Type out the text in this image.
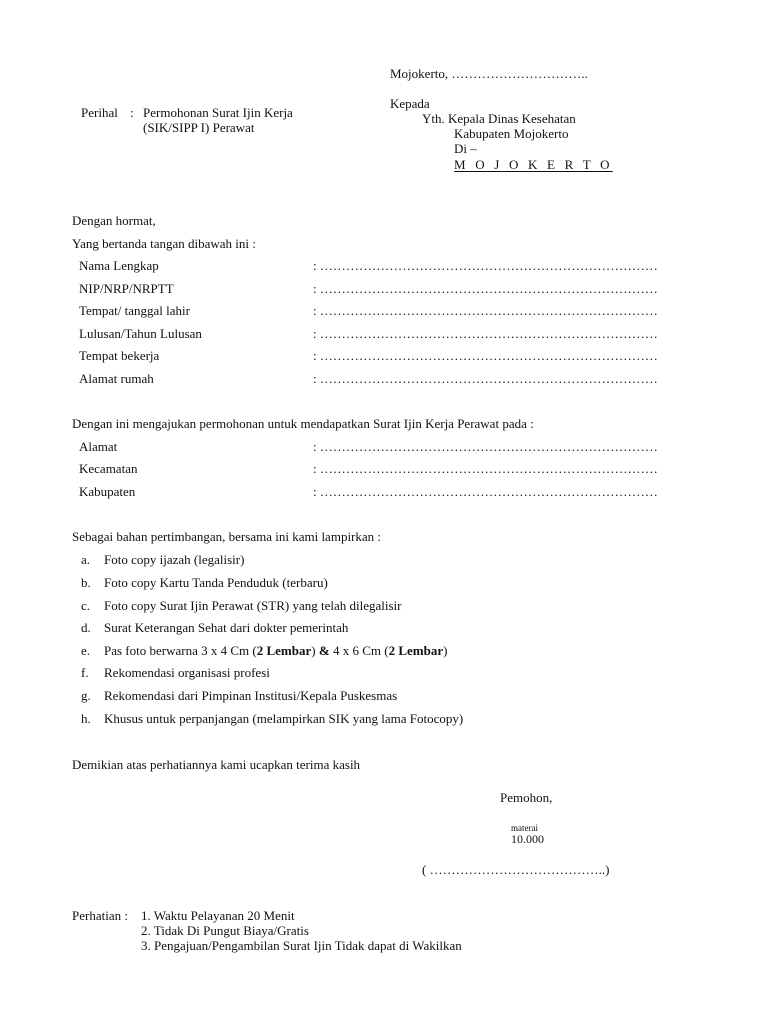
Mojokerto, …………………………..
Kepada
Yth. Kepala Dinas Kesehatan
Kabupaten Mojokerto
Di –
M O J O K E R T O
Perihal : Permohonan Surat Ijin Kerja
(SIK/SIPP I) Perawat
Dengan hormat,
Yang bertanda tangan dibawah ini :
Nama Lengkap	: ……………………………………………………………………
NIP/NRP/NRPTT	: ……………………………………………………………………
Tempat/ tanggal lahir	: ……………………………………………………………………
Lulusan/Tahun Lulusan	: ……………………………………………………………………
Tempat bekerja	: ……………………………………………………………………
Alamat rumah	: ……………………………………………………………………
Dengan ini mengajukan permohonan untuk mendapatkan Surat Ijin Kerja Perawat pada :
Alamat	: ……………………………………………………………………
Kecamatan	: ……………………………………………………………………
Kabupaten	: ……………………………………………………………………
Sebagai bahan pertimbangan, bersama ini kami lampirkan :
a. Foto copy ijazah (legalisir)
b. Foto copy Kartu Tanda Penduduk (terbaru)
c. Foto copy Surat Ijin Perawat (STR) yang telah dilegalisir
d. Surat Keterangan Sehat dari dokter pemerintah
e. Pas foto berwarna 3 x 4 Cm (2 Lembar) & 4 x 6 Cm (2 Lembar)
f. Rekomendasi organisasi profesi
g. Rekomendasi dari Pimpinan Institusi/Kepala Puskesmas
h. Khusus untuk perpanjangan (melampirkan SIK yang lama Fotocopy)
Demikian atas perhatiannya kami ucapkan terima kasih
Pemohon,
materai
10.000
( …………………………………..)
Perhatian : 1. Waktu Pelayanan 20 Menit
2. Tidak Di Pungut Biaya/Gratis
3. Pengajuan/Pengambilan Surat Ijin Tidak dapat di Wakilkan
